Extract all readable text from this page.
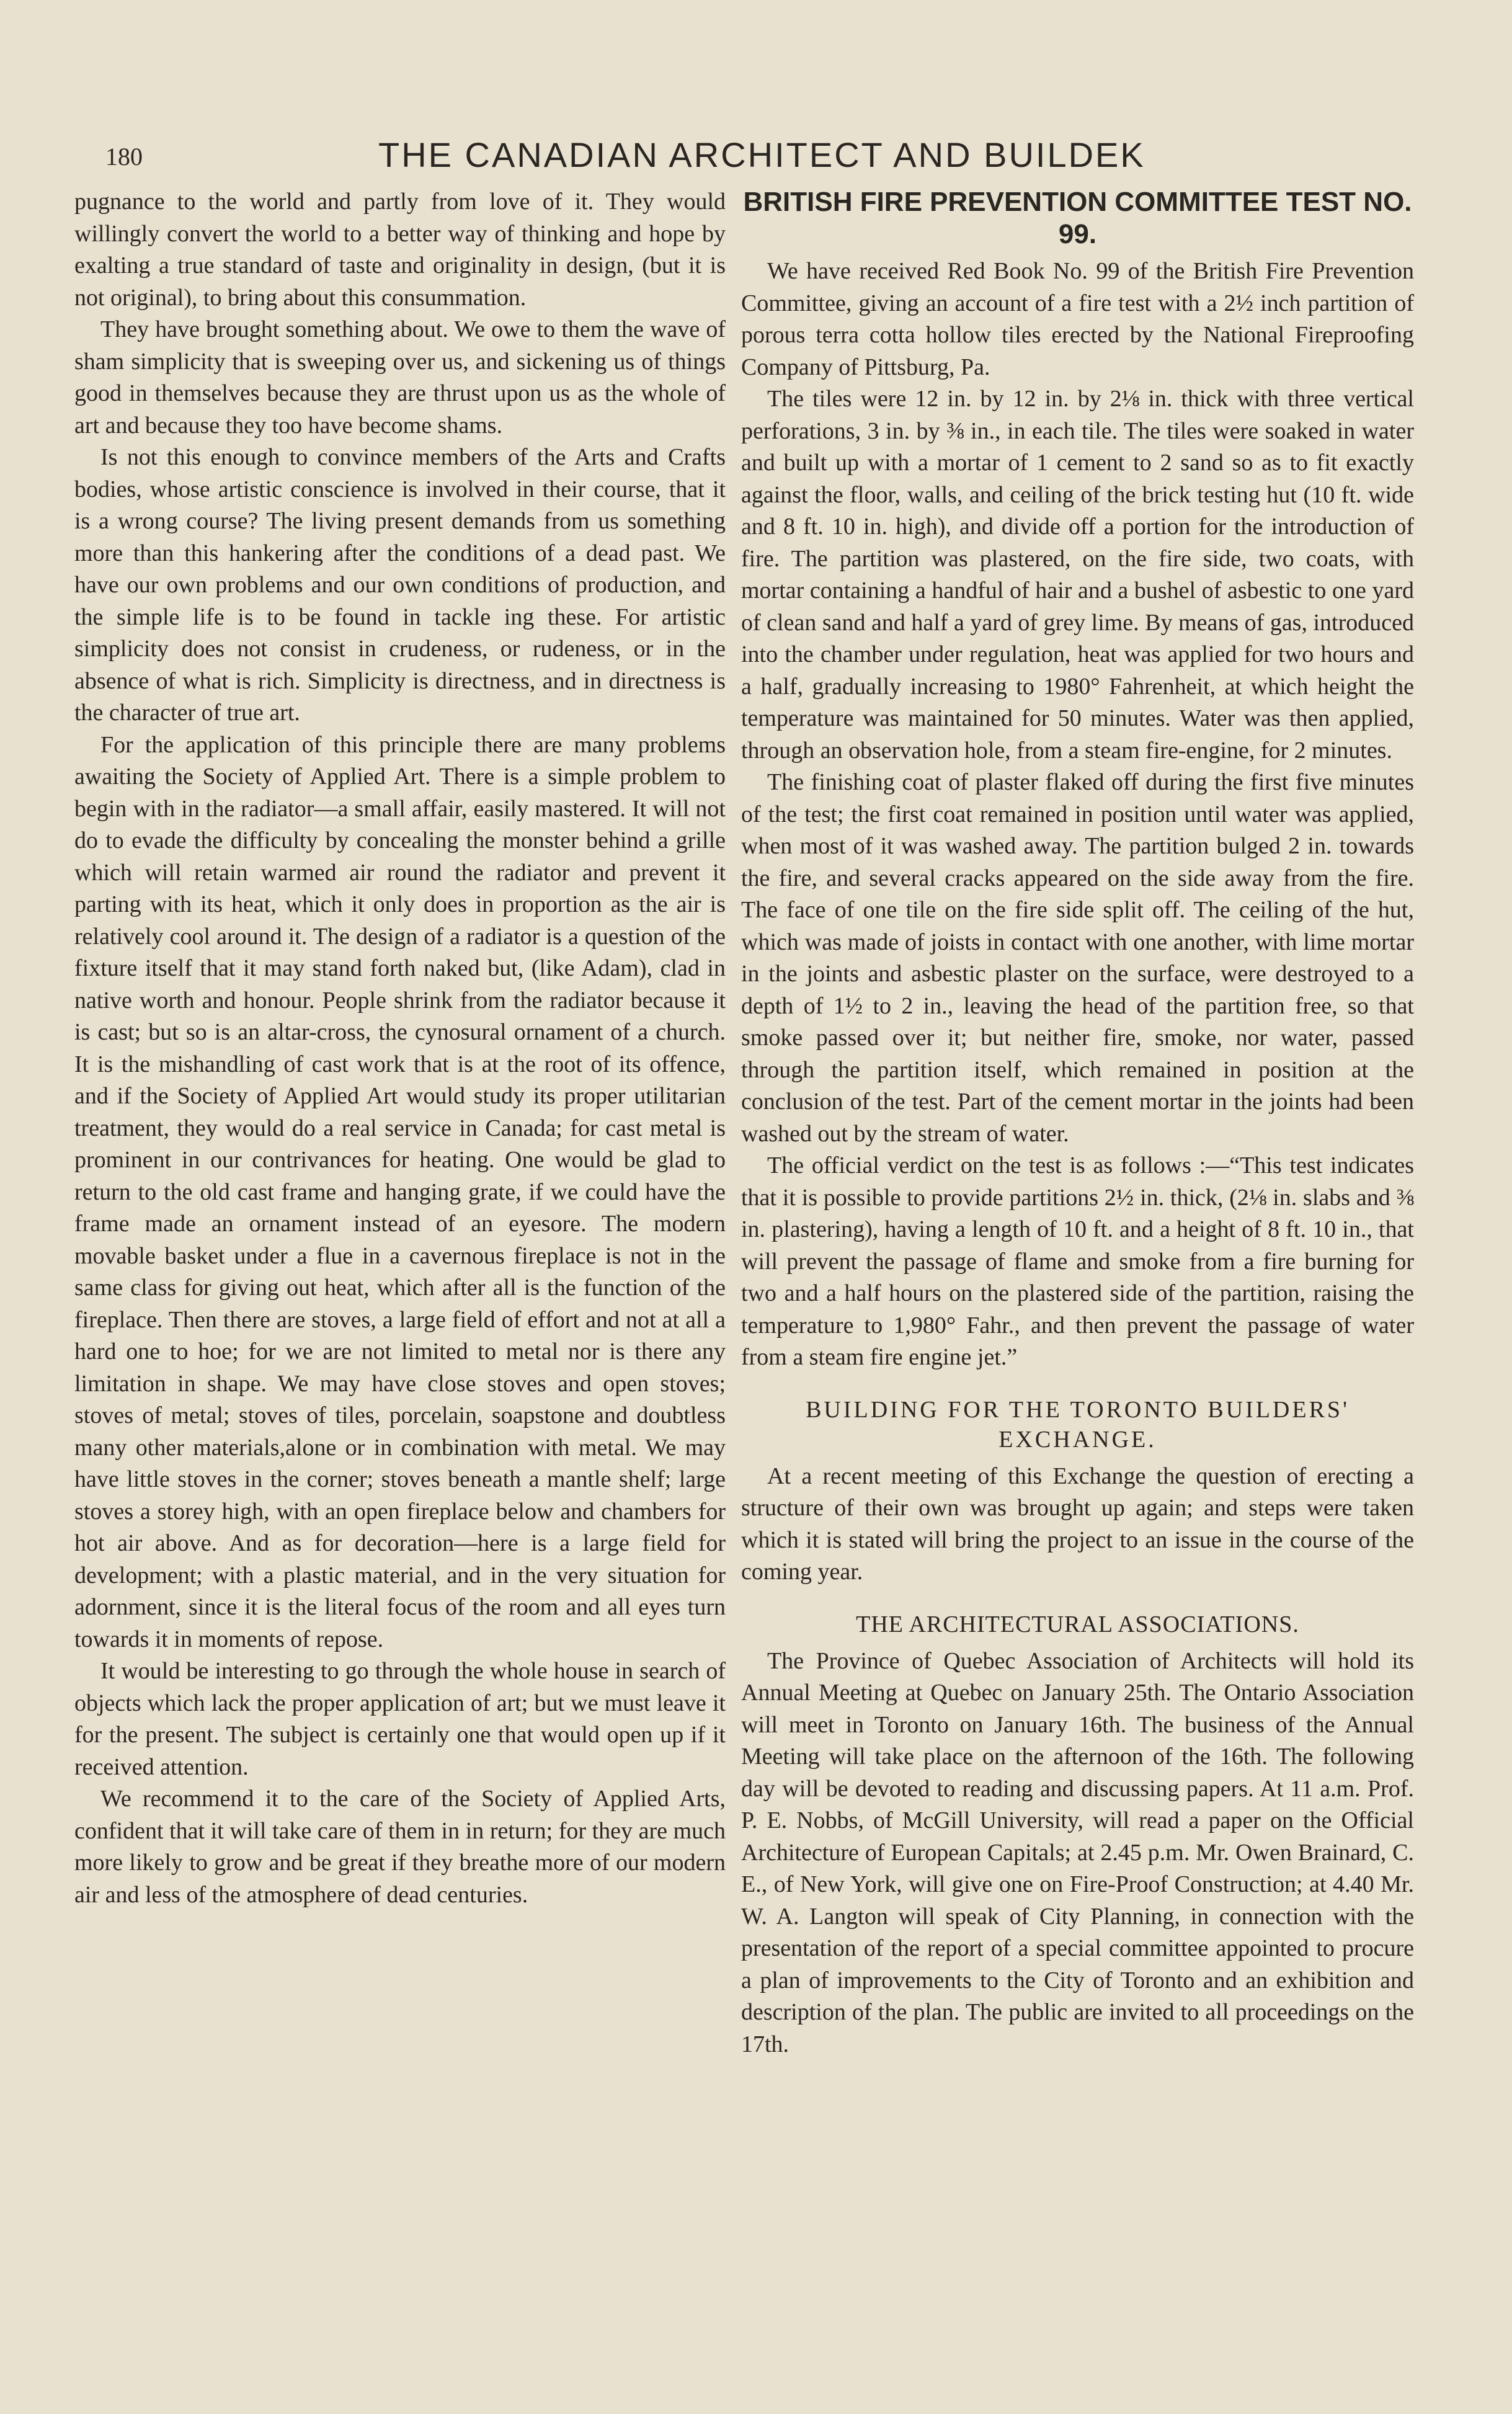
180	THE CANADIAN ARCHITECT AND BUILDEK

pugnance to the world and partly from love of it. They would willingly convert the world to a better way of thinking and hope by exalting a true standard of taste and originality in design, (but it is not original), to bring about this consummation.

They have brought something about. We owe to them the wave of sham simplicity that is sweeping over us, and sickening us of things good in themselves because they are thrust upon us as the whole of art and because they too have become shams.

Is not this enough to convince members of the Arts and Crafts bodies, whose artistic conscience is involved in their course, that it is a wrong course? The living present demands from us something more than this hankering after the conditions of a dead past. We have our own problems and our own conditions of production, and the simple life is to be found in tackle ing these. For artistic simplicity does not consist in crudeness, or rudeness, or in the absence of what is rich. Simplicity is directness, and in directness is the character of true art.

For the application of this principle there are many problems awaiting the Society of Applied Art. There is a simple problem to begin with in the radiator—a small affair, easily mastered. It will not do to evade the difficulty by concealing the monster behind a grille which will retain warmed air round the radiator and prevent it parting with its heat, which it only does in proportion as the air is relatively cool around it. The design of a radiator is a question of the fixture itself that it may stand forth naked but, (like Adam), clad in native worth and honour. People shrink from the radiator because it is cast; but so is an altar-cross, the cynosural ornament of a church. It is the mishandling of cast work that is at the root of its offence, and if the Society of Applied Art would study its proper utilitarian treatment, they would do a real service in Canada; for cast metal is prominent in our contrivances for heating. One would be glad to return to the old cast frame and hanging grate, if we could have the frame made an ornament instead of an eyesore. The modern movable basket under a flue in a cavernous fireplace is not in the same class for giving out heat, which after all is the function of the fireplace. Then there are stoves, a large field of effort and not at all a hard one to hoe; for we are not limited to metal nor is there any limitation in shape. We may have close stoves and open stoves; stoves of metal; stoves of tiles, porcelain, soapstone and doubtless many other materials,alone or in combination with metal. We may have little stoves in the corner; stoves beneath a mantle shelf; large stoves a storey high, with an open fireplace below and chambers for hot air above. And as for decoration—here is a large field for development; with a plastic material, and in the very situation for adornment, since it is the literal focus of the room and all eyes turn towards it in moments of repose.

It would be interesting to go through the whole house in search of objects which lack the proper application of art; but we must leave it for the present. The subject is certainly one that would open up if it received attention.

We recommend it to the care of the Society of Applied Arts, confident that it will take care of them in in return; for they are much more likely to grow and be great if they breathe more of our modern air and less of the atmosphere of dead centuries.

BRITISH FIRE PREVENTION COMMITTEE TEST NO. 99.

We have received Red Book No. 99 of the British Fire Prevention Committee, giving an account of a fire test with a 2½ inch partition of porous terra cotta hollow tiles erected by the National Fireproofing Company of Pittsburg, Pa.

The tiles were 12 in. by 12 in. by 2⅛ in. thick with three vertical perforations, 3 in. by ⅜ in., in each tile. The tiles were soaked in water and built up with a mortar of 1 cement to 2 sand so as to fit exactly against the floor, walls, and ceiling of the brick testing hut (10 ft. wide and 8 ft. 10 in. high), and divide off a portion for the introduction of fire. The partition was plastered, on the fire side, two coats, with mortar containing a handful of hair and a bushel of asbestic to one yard of clean sand and half a yard of grey lime. By means of gas, introduced into the chamber under regulation, heat was applied for two hours and a half, gradually increasing to 1980° Fahrenheit, at which height the temperature was maintained for 50 minutes. Water was then applied, through an observation hole, from a steam fire-engine, for 2 minutes.

The finishing coat of plaster flaked off during the first five minutes of the test; the first coat remained in position until water was applied, when most of it was washed away. The partition bulged 2 in. towards the fire, and several cracks appeared on the side away from the fire. The face of one tile on the fire side split off. The ceiling of the hut, which was made of joists in contact with one another, with lime mortar in the joints and asbestic plaster on the surface, were destroyed to a depth of 1½ to 2 in., leaving the head of the partition free, so that smoke passed over it; but neither fire, smoke, nor water, passed through the partition itself, which remained in position at the conclusion of the test. Part of the cement mortar in the joints had been washed out by the stream of water.

The official verdict on the test is as follows :—“This test indicates that it is possible to provide partitions 2½ in. thick, (2⅛ in. slabs and ⅜ in. plastering), having a length of 10 ft. and a height of 8 ft. 10 in., that will prevent the passage of flame and smoke from a fire burning for two and a half hours on the plastered side of the partition, raising the temperature to 1,980° Fahr., and then prevent the passage of water from a steam fire engine jet.”

BUILDING FOR THE TORONTO BUILDERS' EXCHANGE.

At a recent meeting of this Exchange the question of erecting a structure of their own was brought up again; and steps were taken which it is stated will bring the project to an issue in the course of the coming year.

THE ARCHITECTURAL ASSOCIATIONS.

The Province of Quebec Association of Architects will hold its Annual Meeting at Quebec on January 25th. The Ontario Association will meet in Toronto on January 16th. The business of the Annual Meeting will take place on the afternoon of the 16th. The following day will be devoted to reading and discussing papers. At 11 a.m. Prof. P. E. Nobbs, of McGill University, will read a paper on the Official Architecture of European Capitals; at 2.45 p.m. Mr. Owen Brainard, C. E., of New York, will give one on Fire-Proof Construction; at 4.40 Mr. W. A. Langton will speak of City Planning, in connection with the presentation of the report of a special committee appointed to procure a plan of improvements to the City of Toronto and an exhibition and description of the plan. The public are invited to all proceedings on the 17th.
